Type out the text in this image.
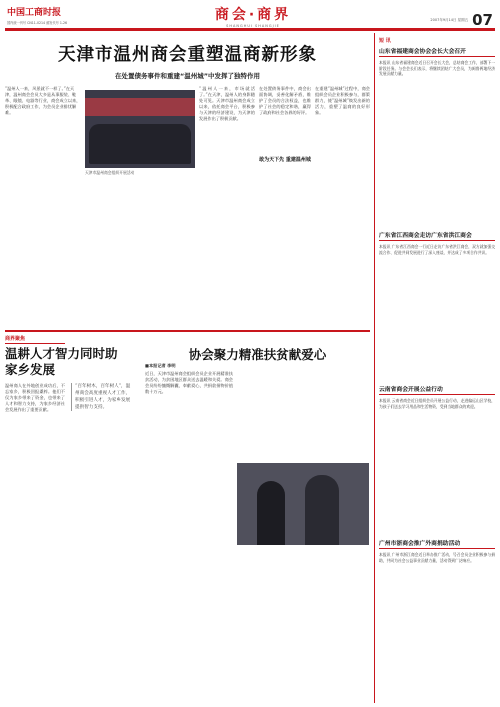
中国工商时报
国内统一刊号 CN11-0214 邮发代号 1-26	商会·商界
SHANGHUI SHANGJIE
2007年9月14日 星期五 07
天津市温州商会重塑温商新形象
在处置债务事件和重建“温州城”中发挥了独特作用
“温州人一来，风景就不一样了。”在天津，温州商会会员大多是从事服装、鞋革、眼镜、电器等行业，商会成立以来，积极配合政府工作，为会员企业排忧解难。
天津市温州商会组织开展活动
“温州人一来，市场就活了。”在天津，温州人的身影随处可见。天津市温州商会成立以来，依托商会平台，积极参与天津的经济建设，为天津的发展作出了积极贡献。
在处置债务事件中，商会出面协调，妥善化解矛盾，维护了会员的合法权益，也维护了社会的稳定和谐，赢得了政府和社会各界的好评。
敢为天下先 重建温州城
在重建“温州城”过程中，商会组织会员企业积极参与，群策群力，使“温州城”焕发出新的活力，重塑了温商的良好形象。
商界聚焦
温耕人才智力同时助家乡发展
温州商人在外地创业成功后，不忘家乡，积极回报桑梓。他们不仅为家乡带来了资金，也带来了人才和智力支持，为家乡经济社会发展作出了重要贡献。
“百年树木，百年树人”，温州商会高度重视人才工作，积极引进人才，为家乡发展提供智力支持。
协会聚力精准扶贫献爱心
■本报记者 李明
近日，天津市温州商会组织会员企业开展精准扶贫活动，为贫困地区群众送去温暖和关爱。商会会员纷纷慷慨解囊，奉献爱心，共捐款捐物价值数十万元。
短 讯
山东省福建商会协会会长大会召开
本报讯 山东省福建商会近日召开会长大会，总结商会工作，部署下一阶段任务。与会会长们表示，将继续团结广大会员，为闽鲁两地经济发展贡献力量。
广东省江西商会走访广东省洪江商会
本报讯 广东省江西商会一行近日走访广东省洪江商会，双方就加强交流合作、促进共同发展进行了深入座谈，并达成了多项合作共识。
云南省商会开展公益行动
本报讯 云南省商会近日组织会员开展公益行动，走进偏远山区学校，为孩子们送去学习用品和生活物资，受到当地群众的欢迎。
广州市浙商会推广外商捐助活动
本报讯 广州市浙江商会近日举办推广活动，号召会员企业积极参与捐助，共同为社会公益事业贡献力量，活动得到广泛响应。
